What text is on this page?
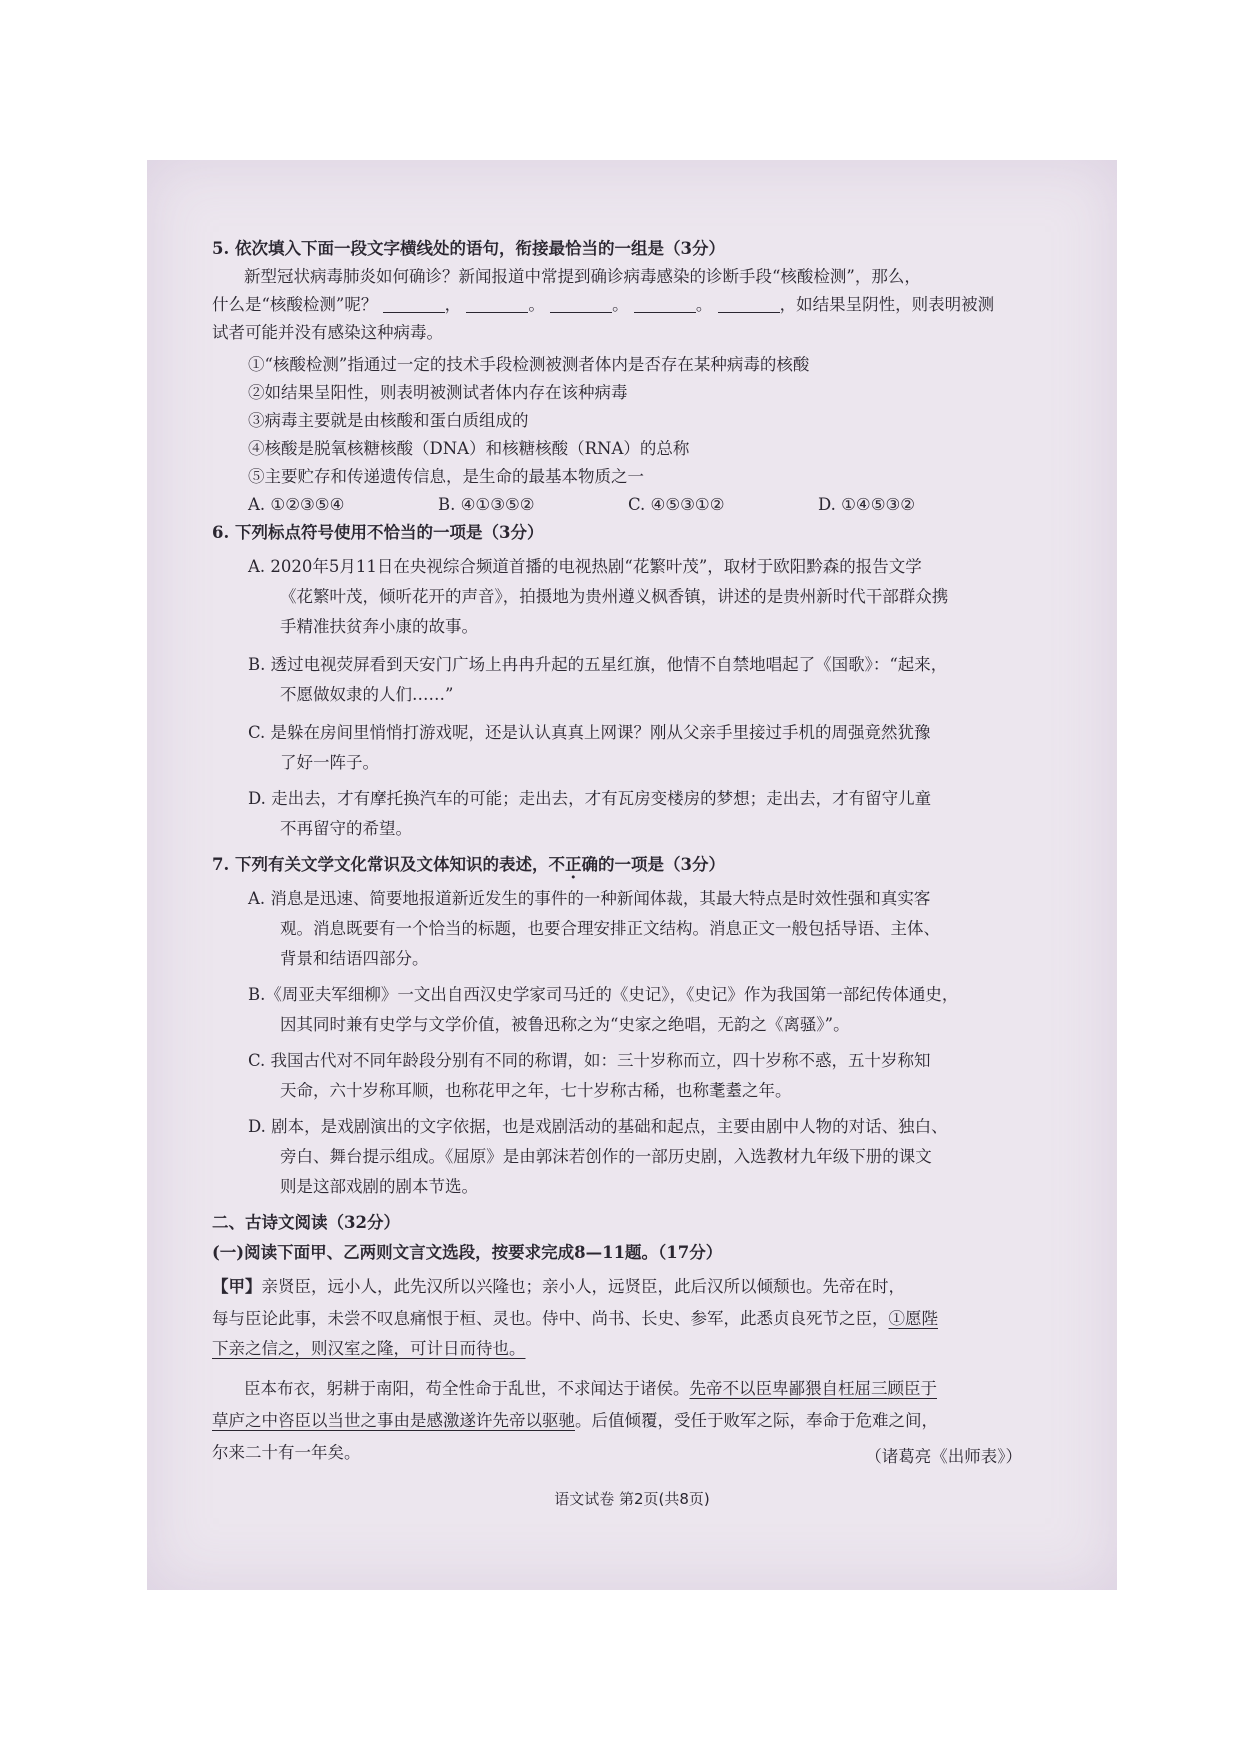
5. 依次填入下面一段文字横线处的语句，衔接最恰当的一组是（3分）
新型冠状病毒肺炎如何确诊？新闻报道中常提到确诊病毒感染的诊断手段“核酸检测”，那么，
什么是“核酸检测”呢？	，	。	。	。	，如结果呈阴性，则表明被测
试者可能并没有感染这种病毒。
①“核酸检测”指通过一定的技术手段检测被测者体内是否存在某种病毒的核酸
②如结果呈阳性，则表明被测试者体内存在该种病毒
③病毒主要就是由核酸和蛋白质组成的
④核酸是脱氧核糖核酸（DNA）和核糖核酸（RNA）的总称
⑤主要贮存和传递遗传信息，是生命的最基本物质之一
A. ①②③⑤④	B. ④①③⑤②	C. ④⑤③①②	D. ①④⑤③②
6. 下列标点符号使用不恰当的一项是（3分）
A. 2020年5月11日在央视综合频道首播的电视热剧“花繁叶茂”，取材于欧阳黔森的报告文学
《花繁叶茂，倾听花开的声音》，拍摄地为贵州遵义枫香镇，讲述的是贵州新时代干部群众携
手精准扶贫奔小康的故事。
B. 透过电视荧屏看到天安门广场上冉冉升起的五星红旗，他情不自禁地唱起了《国歌》：“起来，
不愿做奴隶的人们……”
C. 是躲在房间里悄悄打游戏呢，还是认认真真上网课？刚从父亲手里接过手机的周强竟然犹豫
了好一阵子。
D. 走出去，才有摩托换汽车的可能；走出去，才有瓦房变楼房的梦想；走出去，才有留守儿童
不再留守的希望。
7. 下列有关文学文化常识及文体知识的表述，不正确的一项是（3分）
A. 消息是迅速、简要地报道新近发生的事件的一种新闻体裁，其最大特点是时效性强和真实客
观。消息既要有一个恰当的标题，也要合理安排正文结构。消息正文一般包括导语、主体、
背景和结语四部分。
B.《周亚夫军细柳》一文出自西汉史学家司马迁的《史记》，《史记》作为我国第一部纪传体通史，
因其同时兼有史学与文学价值，被鲁迅称之为“史家之绝唱，无韵之《离骚》”。
C. 我国古代对不同年龄段分别有不同的称谓，如：三十岁称而立，四十岁称不惑，五十岁称知
天命，六十岁称耳顺，也称花甲之年，七十岁称古稀，也称耄耋之年。
D. 剧本，是戏剧演出的文字依据，也是戏剧活动的基础和起点，主要由剧中人物的对话、独白、
旁白、舞台提示组成。《屈原》是由郭沫若创作的一部历史剧，入选教材九年级下册的课文
则是这部戏剧的剧本节选。
二、古诗文阅读（32分）
(一)阅读下面甲、乙两则文言文选段，按要求完成8—11题。（17分）
【甲】亲贤臣，远小人，此先汉所以兴隆也；亲小人，远贤臣，此后汉所以倾颓也。先帝在时，
每与臣论此事，未尝不叹息痛恨于桓、灵也。侍中、尚书、长史、参军，此悉贞良死节之臣，①愿陛
下亲之信之，则汉室之隆，可计日而待也。
臣本布衣，躬耕于南阳，苟全性命于乱世，不求闻达于诸侯。先帝不以臣卑鄙猥自枉屈三顾臣于
草庐之中咨臣以当世之事由是感激遂许先帝以驱驰。后值倾覆，受任于败军之际，奉命于危难之间，
尔来二十有一年矣。	（诸葛亮《出师表》）
语文试卷 第2页(共8页)
